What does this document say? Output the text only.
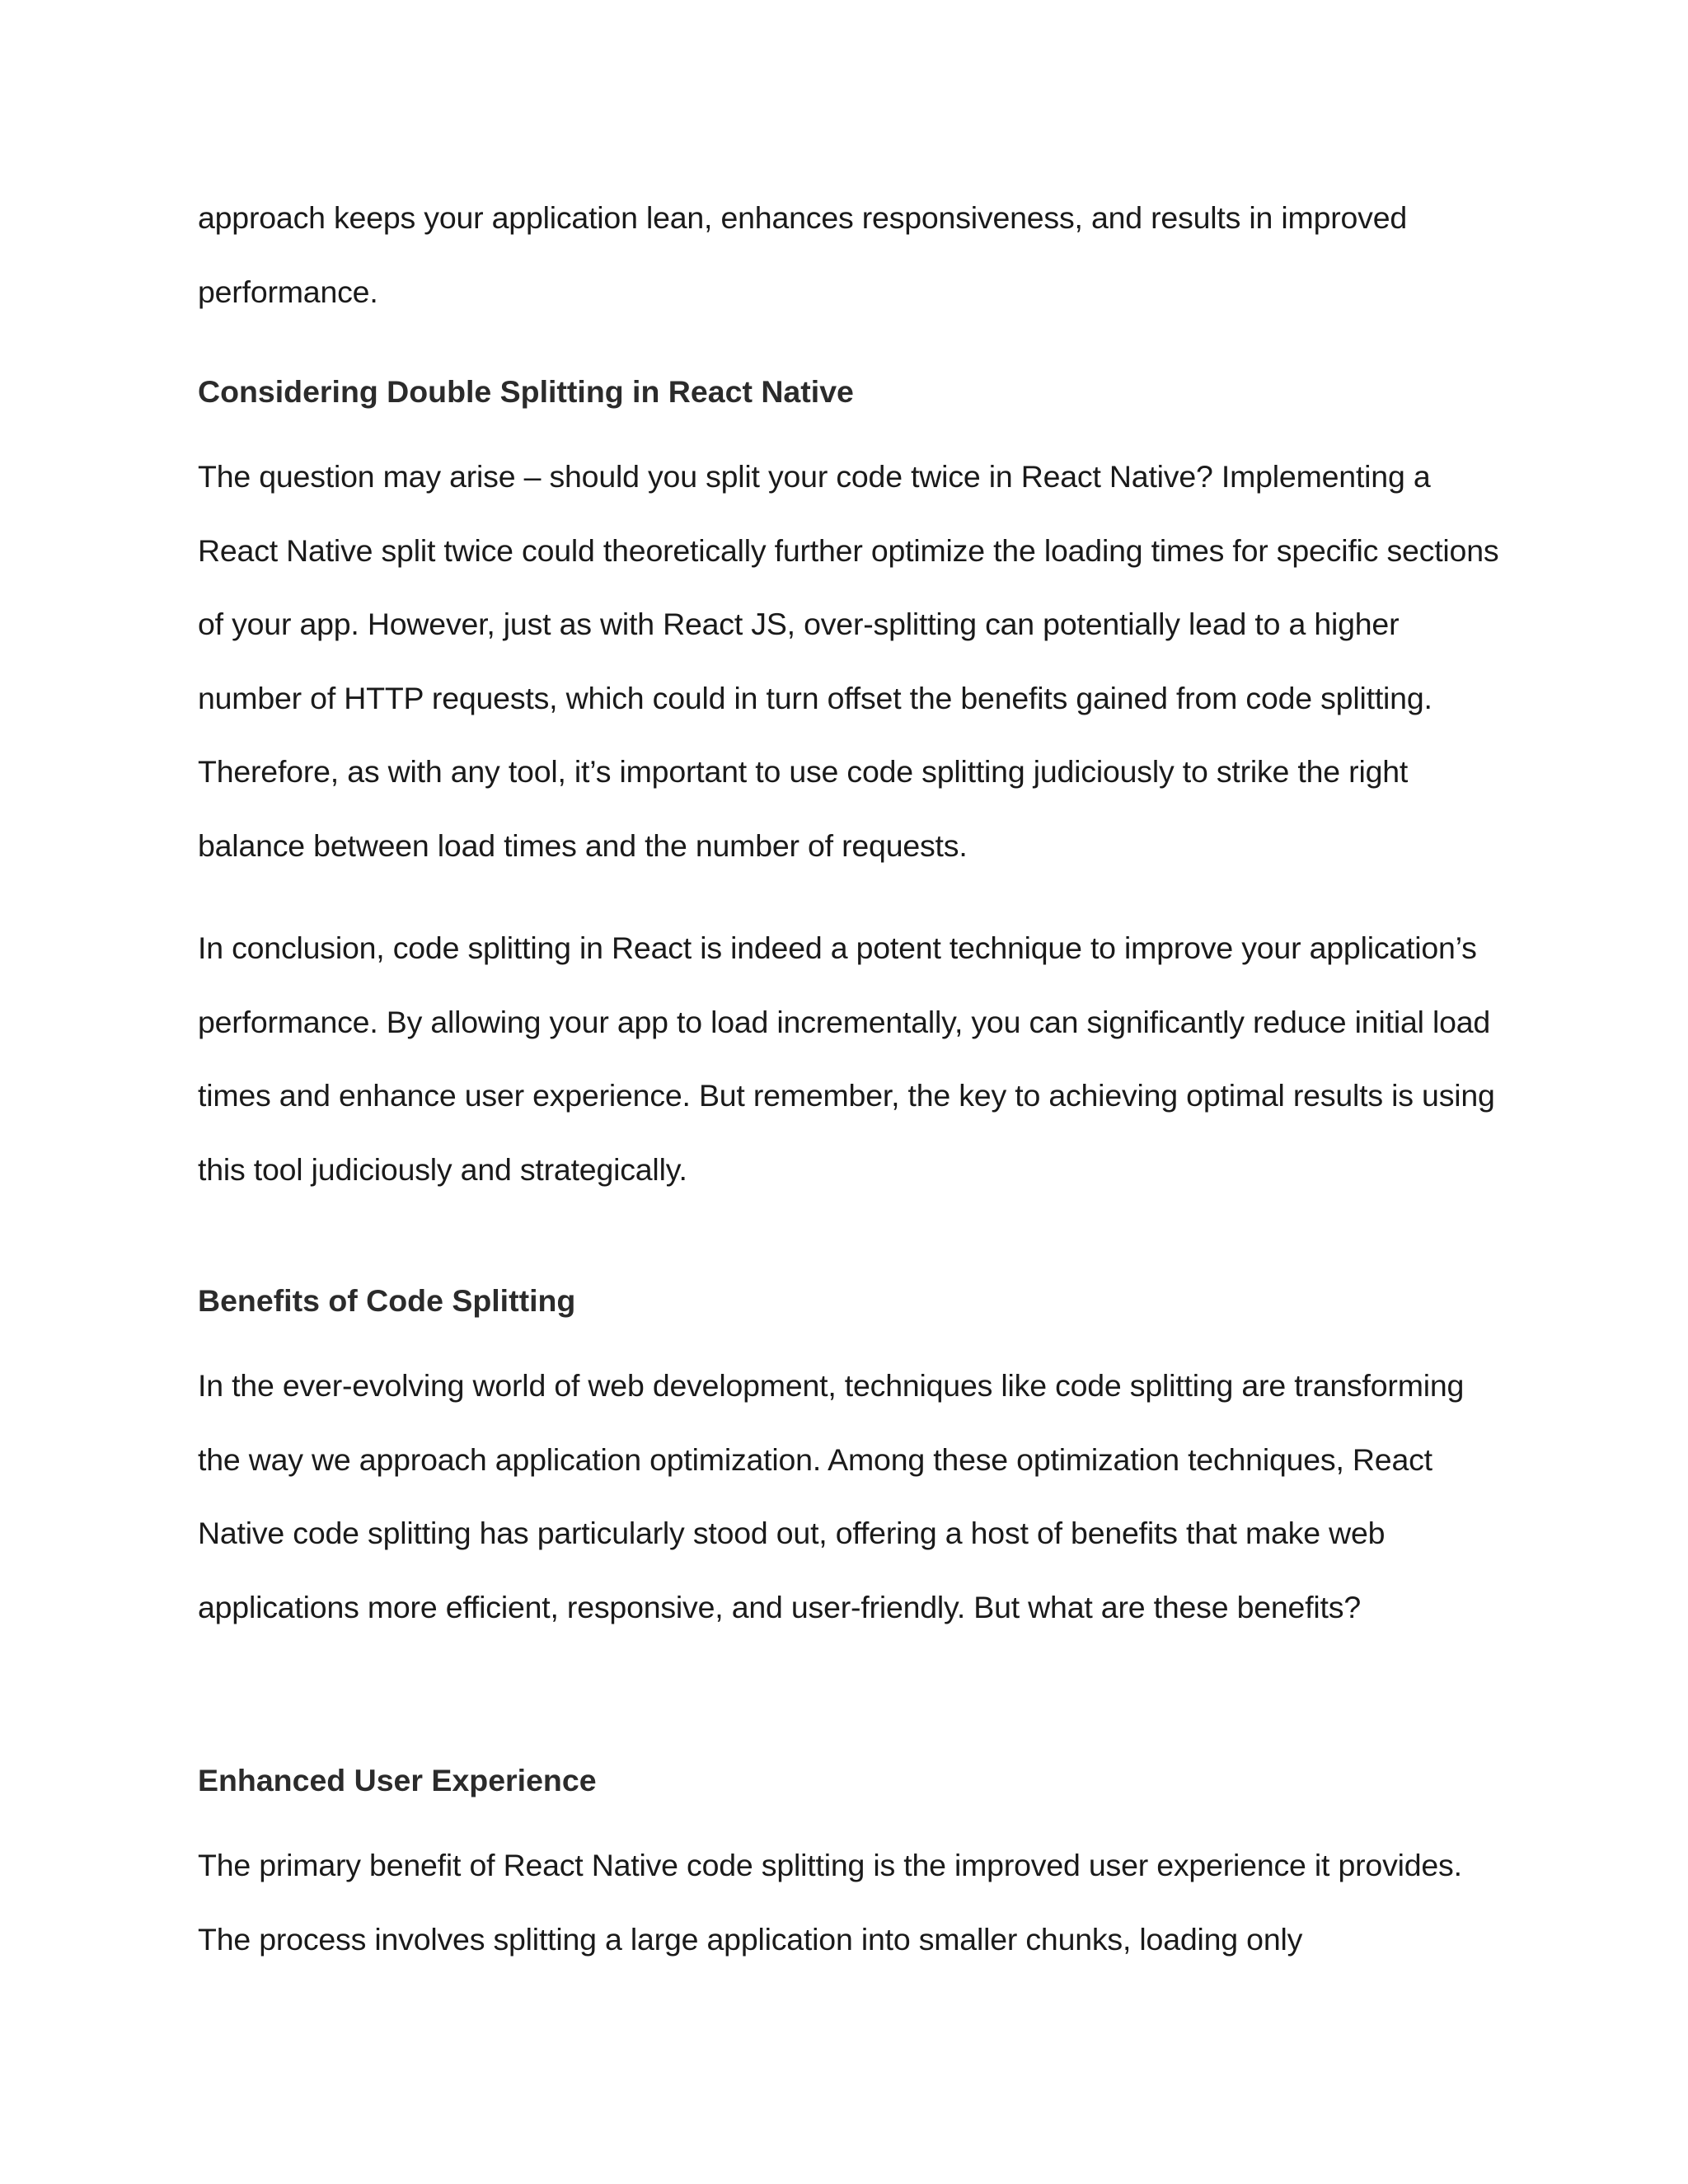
approach keeps your application lean, enhances responsiveness, and results in improved performance.

Considering Double Splitting in React Native

The question may arise – should you split your code twice in React Native? Implementing a React Native split twice could theoretically further optimize the loading times for specific sections of your app. However, just as with React JS, over-splitting can potentially lead to a higher number of HTTP requests, which could in turn offset the benefits gained from code splitting. Therefore, as with any tool, it’s important to use code splitting judiciously to strike the right balance between load times and the number of requests.

In conclusion, code splitting in React is indeed a potent technique to improve your application’s performance. By allowing your app to load incrementally, you can significantly reduce initial load times and enhance user experience. But remember, the key to achieving optimal results is using this tool judiciously and strategically.

Benefits of Code Splitting

In the ever-evolving world of web development, techniques like code splitting are transforming the way we approach application optimization. Among these optimization techniques, React Native code splitting has particularly stood out, offering a host of benefits that make web applications more efficient, responsive, and user-friendly. But what are these benefits?

Enhanced User Experience

The primary benefit of React Native code splitting is the improved user experience it provides. The process involves splitting a large application into smaller chunks, loading only
